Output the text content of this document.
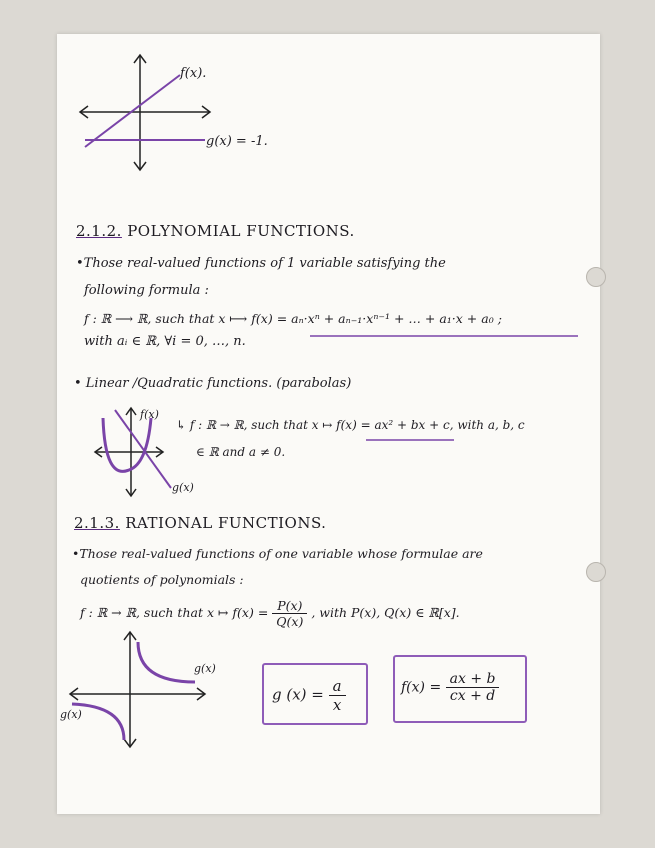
f(x).
g(x) = -1.
2.1.2. POLYNOMIAL FUNCTIONS.
•Those real-valued functions of 1 variable satisfying the
following formula :
f : ℝ ⟶ ℝ, such that x ⟼ f(x) = aₙ·xⁿ + aₙ₋₁·xⁿ⁻¹ + … + a₁·x + a₀ ;
with aᵢ ∈ ℝ, ∀i = 0, …, n.
• Linear /Quadratic functions. (parabolas)
f(x)
g(x)
↳ f : ℝ → ℝ, such that x ↦ f(x) = ax² + bx + c, with a, b, c
∈ ℝ and a ≠ 0.
2.1.3. RATIONAL FUNCTIONS.
•Those real-valued functions of one variable whose formulae are
quotients of polynomials :
f : ℝ → ℝ, such that x ↦ $f(x) = \frac{P(x)}{Q(x)}$ , with P(x), Q(x) ∈ ℝ[x].
g(x)
g(x)
g $(x) = \frac{a}{x}$	$f(x) = \frac{ax + b}{cx + d}$
